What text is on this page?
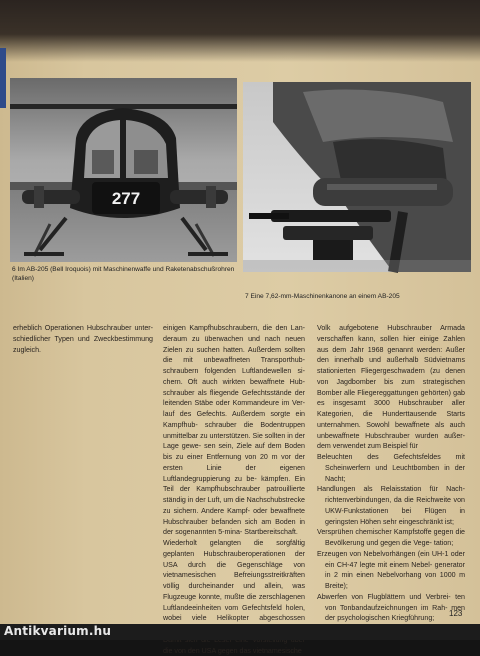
277
6 Im AB-205 (Bell Iroquois) mit Maschinenwaffe und Raketenabschußrohren (Italien)
7 Eine 7,62-mm-Maschinenkanone an einem AB-205

erheblich Operationen Hubschrauber unter- schiedlicher Typen und Zweckbestimmung zugleich.

einigen Kampfhubschraubern, die den Lan- deraum zu überwachen und nach neuen Zielen zu suchen hatten. Außerdem sollten die mit unbewaffneten Transporthub- schraubern folgenden Luftlandewellen si- chern. Oft auch wirkten bewaffnete Hub- schrauber als fliegende Gefechtsstände der leitenden Stäbe oder Kommandeure im Ver- lauf des Gefechts. Außerdem sorgte ein Kampfhub- schrauber die Bodentruppen unmittelbar zu unterstützen. Sie sollten in der Lage gewe- sen sein, Ziele auf dem Boden bis zu einer Entfernung von 20 m vor der ersten Linie der eigenen Luftlandegruppierung zu be- kämpfen. Ein Teil der Kampfhubschrauber patrouillierte ständig in der Luft, um die Nachschubstrecke zu sichern. Andere Kampf- oder bewaffnete Hubschrauber befanden sich am Boden in der sogenannten 5-mina- Startbereitschaft.

Wiederholt gelangten die sorgfältig geplanten Hubschrauberoperationen der USA durch die Gegenschläge von vietnamesischen Befreiungsstreitkräften völlig durcheinander und allein, was Flugzeuge konnte, mußte die zerschlagenen Luftlandeeinheiten vom Gefechtsfeld holen, wobei viele Helikopter abgeschossen

die von den USA gegen das vietnamesische

Volk aufgebotene Hubschrauber Armada verschaffen kann, sollen hier einige Zahlen aus dem Jahr 1968 genannt werden: Außer den innerhalb und außerhalb Südvietnams stationierten Fliegergeschwadern (zu denen von Jagdbomber bis zum strategischen Bomber alle Fliegereggattungen gehörten) gab es insgesamt 3000 Hubschrauber aller Kategorien, die Hunderttausende Starts unternahmen. Sowohl bewaffnete als auch unbewaffnete Hubschrauber wurden außer- dem verwendet zum Beispiel für

Beleuchten des Gefechtsfeldes mit Scheinwerfern und Leuchtbomben in der Nacht;

Handlungen als Relaisstation für Nach- richtenverbindungen, da die Reichweite von UKW-Funkstationen bei Flügen in geringsten Höhen sehr eingeschränkt ist;

Versprühen chemischer Kampfstoffe gegen die Bevölkerung und gegen die Vege- tation;

Erzeugen von Nebelvorhängen (ein UH-1 oder ein CH-47 legte mit einem Nebel- generator in 2 min einen Nebelvorhang von 1000 m Breite);

Abwerfen von Flugblättern und Verbrei- ten von Tonbandaufzeichnungen im Rah- men der psychologischen Kriegführung;

123
Antikvarium.hu
